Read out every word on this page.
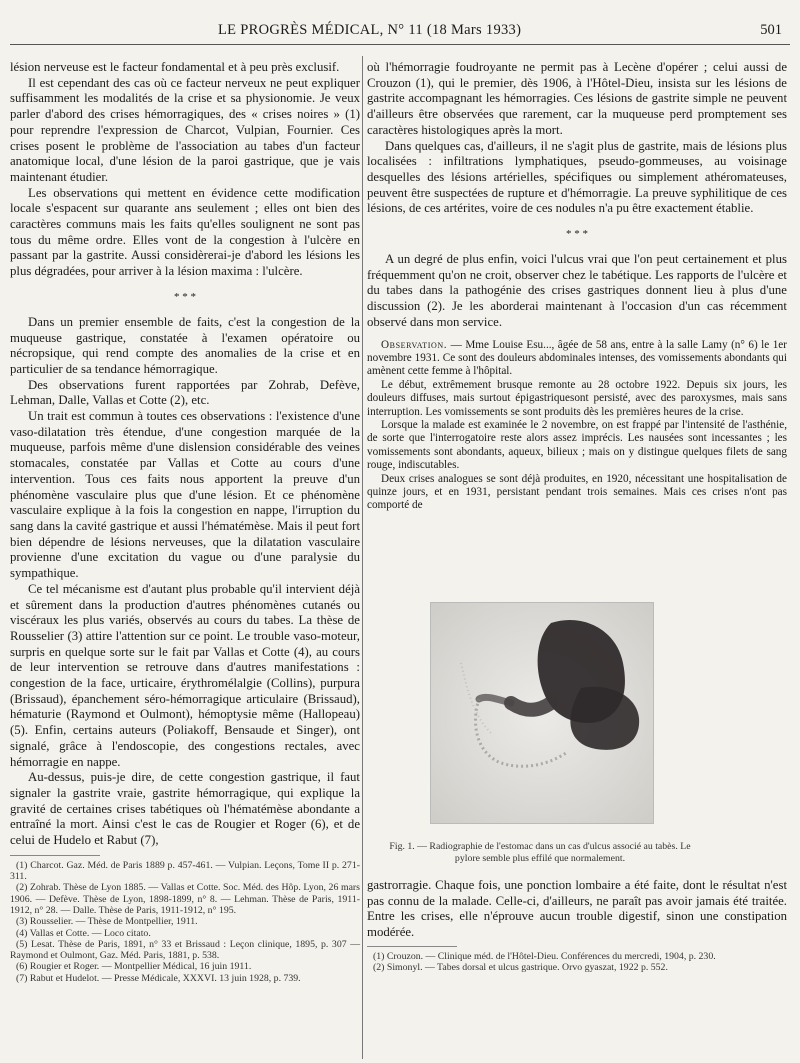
LE PROGRÈS MÉDICAL, N° 11 (18 Mars 1933)	501

lésion nerveuse est le facteur fondamental et à peu près exclusif.

Il est cependant des cas où ce facteur nerveux ne peut expliquer suffisamment les modalités de la crise et sa physionomie. Je veux parler d'abord des crises hémorragiques, des « crises noires » (1) pour reprendre l'expression de Charcot, Vulpian, Fournier. Ces crises posent le problème de l'association au tabes d'un facteur anatomique local, d'une lésion de la paroi gastrique, que je vais maintenant étudier.

Les observations qui mettent en évidence cette modification locale s'espacent sur quarante ans seulement ; elles ont bien des caractères communs mais les faits qu'elles soulignent ne sont pas tous du même ordre. Elles vont de la congestion à l'ulcère en passant par la gastrite. Aussi considèrerai-je d'abord les lésions les plus dégradées, pour arriver à la lésion maxima : l'ulcère.

* * *

Dans un premier ensemble de faits, c'est la congestion de la muqueuse gastrique, constatée à l'examen opératoire ou nécropsique, qui rend compte des anomalies de la crise et en particulier de sa tendance hémorragique.

Des observations furent rapportées par Zohrab, Defève, Lehman, Dalle, Vallas et Cotte (2), etc.

Un trait est commun à toutes ces observations : l'existence d'une vaso-dilatation très étendue, d'une congestion marquée de la muqueuse, parfois même d'une dislension considérable des veines stomacales, constatée par Vallas et Cotte au cours d'une intervention. Tous ces faits nous apportent la preuve d'un phénomène vasculaire plus que d'une lésion. Et ce phénomène vasculaire explique à la fois la congestion en nappe, l'irruption du sang dans la cavité gastrique et aussi l'hématémèse. Mais il peut fort bien dépendre de lésions nerveuses, que la dilatation vasculaire provienne d'une excitation du vague ou d'une paralysie du sympathique.

Ce tel mécanisme est d'autant plus probable qu'il intervient déjà et sûrement dans la production d'autres phénomènes cutanés ou viscéraux les plus variés, observés au cours du tabes. La thèse de Rousselier (3) attire l'attention sur ce point. Le trouble vaso-moteur, surpris en quelque sorte sur le fait par Vallas et Cotte (4), au cours de leur intervention se retrouve dans d'autres manifestations : congestion de la face, urticaire, érythromélalgie (Collins), purpura (Brissaud), épanchement séro-hémorragique articulaire (Brissaud), hématurie (Raymond et Oulmont), hémoptysie même (Hallopeau) (5). Enfin, certains auteurs (Poliakoff, Bensaude et Singer), ont signalé, grâce à l'endoscopie, des congestions rectales, avec hémorragie en nappe.

Au-dessus, puis-je dire, de cette congestion gastrique, il faut signaler la gastrite vraie, gastrite hémorragique, qui explique la gravité de certaines crises tabétiques où l'hématémèse abondante a entraîné la mort. Ainsi c'est le cas de Rougier et Roger (6), et de celui de Hudelo et Rabut (7),

(1) Charcot. Gaz. Méd. de Paris 1889 p. 457-461. — Vulpian. Leçons, Tome II p. 271-311.

(2) Zohrab. Thèse de Lyon 1885. — Vallas et Cotte. Soc. Méd. des Hôp. Lyon, 26 mars 1906. — Defève. Thèse de Lyon, 1898-1899, n° 8. — Lehman. Thèse de Paris, 1911-1912, n° 28. — Dalle. Thèse de Paris, 1911-1912, n° 195.

(3) Rousselier. — Thèse de Montpellier, 1911.

(4) Vallas et Cotte. — Loco citato.

(5) Lesat. Thèse de Paris, 1891, n° 33 et Brissaud : Leçon clinique, 1895, p. 307 — Raymond et Oulmont, Gaz. Méd. Paris, 1881, p. 538.

(6) Rougier et Roger. — Montpellier Médical, 16 juin 1911.

(7) Rabut et Hudelot. — Presse Médicale, XXXVI. 13 juin 1928, p. 739.

où l'hémorragie foudroyante ne permit pas à Lecène d'opérer ; celui aussi de Crouzon (1), qui le premier, dès 1906, à l'Hôtel-Dieu, insista sur les lésions de gastrite accompagnant les hémorragies. Ces lésions de gastrite simple ne peuvent d'ailleurs être observées que rarement, car la muqueuse perd promptement ses caractères histologiques après la mort.

Dans quelques cas, d'ailleurs, il ne s'agit plus de gastrite, mais de lésions plus localisées : infiltrations lymphatiques, pseudo-gommeuses, au voisinage desquelles des lésions artérielles, spécifiques ou simplement athéromateuses, peuvent être suspectées de rupture et d'hémorragie. La preuve syphilitique de ces lésions, de ces artérites, voire de ces nodules n'a pu être exactement établie.

* * *

A un degré de plus enfin, voici l'ulcus vrai que l'on peut certainement et plus fréquemment qu'on ne croit, observer chez le tabétique. Les rapports de l'ulcère et du tabes dans la pathogénie des crises gastriques donnent lieu à plus d'une discussion (2). Je les aborderai maintenant à l'occasion d'un cas récemment observé dans mon service.

Observation. — Mme Louise Esu..., âgée de 58 ans, entre à la salle Lamy (n° 6) le 1er novembre 1931. Ce sont des douleurs abdominales intenses, des vomissements abondants qui amènent cette femme à l'hôpital.

Le début, extrêmement brusque remonte au 28 octobre 1922. Depuis six jours, les douleurs diffuses, mais surtout épigastriquesont persisté, avec des paroxysmes, mais sans interruption. Les vomissements se sont produits dès les premières heures de la crise.

Lorsque la malade est examinée le 2 novembre, on est frappé par l'intensité de l'asthénie, de sorte que l'interrogatoire reste alors assez imprécis. Les nausées sont incessantes ; les vomissements sont abondants, aqueux, bilieux ; mais on y distingue quelques filets de sang rouge, indiscutables.

Deux crises analogues se sont déjà produites, en 1920, nécessitant une hospitalisation de quinze jours, et en 1931, persistant pendant trois semaines. Mais ces crises n'ont pas comporté de

Fig. 1. — Radiographie de l'estomac dans un cas d'ulcus associé au tabès. Le pylore semble plus effilé que normalement.

gastrorragie. Chaque fois, une ponction lombaire a été faite, dont le résultat n'est pas connu de la malade. Celle-ci, d'ailleurs, ne paraît pas avoir jamais été traitée. Entre les crises, elle n'éprouve aucun trouble digestif, sinon une constipation modérée.

(1) Crouzon. — Clinique méd. de l'Hôtel-Dieu. Conférences du mercredi, 1904, p. 230.

(2) Simonyl. — Tabes dorsal et ulcus gastrique. Orvo gyaszat, 1922 p. 552.
